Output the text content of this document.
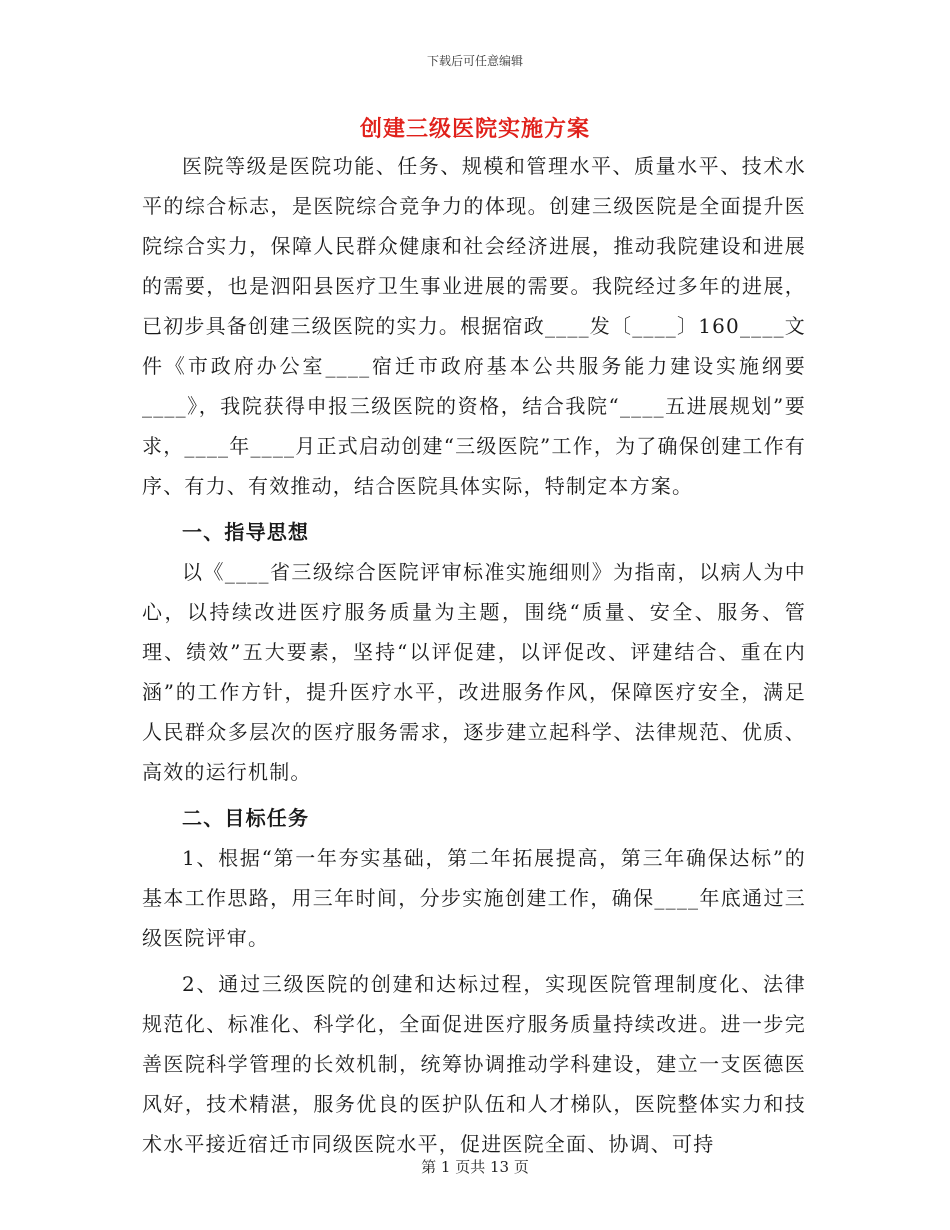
下载后可任意编辑
创建三级医院实施方案

医院等级是医院功能、任务、规模和管理水平、质量水平、技术水平的综合标志，是医院综合竞争力的体现。创建三级医院是全面提升医院综合实力，保障人民群众健康和社会经济进展，推动我院建设和进展的需要，也是泗阳县医疗卫生事业进展的需要。我院经过多年的进展，已初步具备创建三级医院的实力。根据宿政____发〔____〕160____文件《市政府办公室____宿迁市政府基本公共服务能力建设实施纲要____》，我院获得申报三级医院的资格，结合我院“____五进展规划”要求，____年____月正式启动创建“三级医院”工作，为了确保创建工作有序、有力、有效推动，结合医院具体实际，特制定本方案。

一、指导思想

以《____省三级综合医院评审标准实施细则》为指南，以病人为中心，以持续改进医疗服务质量为主题，围绕“质量、安全、服务、管理、绩效”五大要素，坚持“以评促建，以评促改、评建结合、重在内涵”的工作方针，提升医疗水平，改进服务作风，保障医疗安全，满足人民群众多层次的医疗服务需求，逐步建立起科学、法律规范、优质、高效的运行机制。

二、目标任务

1、根据“第一年夯实基础，第二年拓展提高，第三年确保达标”的基本工作思路，用三年时间，分步实施创建工作，确保____年底通过三级医院评审。

2、通过三级医院的创建和达标过程，实现医院管理制度化、法律规范化、标准化、科学化，全面促进医疗服务质量持续改进。进一步完善医院科学管理的长效机制，统筹协调推动学科建设，建立一支医德医风好，技术精湛，服务优良的医护队伍和人才梯队，医院整体实力和技术水平接近宿迁市同级医院水平，促进医院全面、协调、可持

第 1 页共 13 页
